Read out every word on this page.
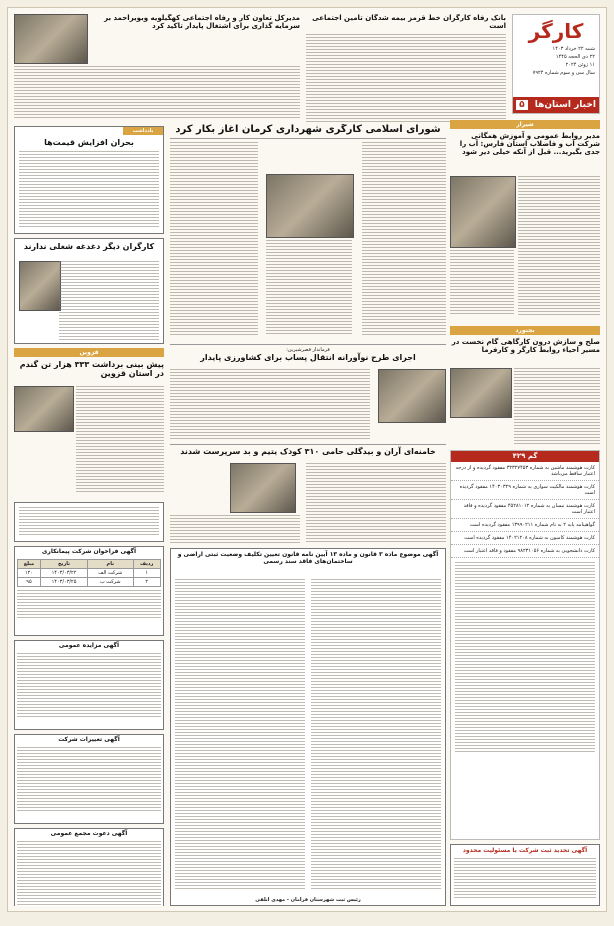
کارگر
شنبه ۲۲ خرداد ۱۴۰۳
۲۲ ذی الحجه ۱۴۴۵
۱۱ ژوئن ۲۰۲۴
سال سی و سوم شماره ۷۹۲۴
اخبار استان‌ها ۵
بانک رفاه کارگران خط قرمز بیمه شدگان تامین اجتماعی است
مدیرکل تعاون کار و رفاه اجتماعی کهگیلویه وبویراحمد بر سرمایه گذاری برای اشتغال پایدار تاکید کرد
شیراز
مدیر روابط عمومی و آموزش همگانی شرکت آب و فاضلاب استان فارس: آب را جدی بگیرید... قبل از آنکه خیلی دیر شود
بجنورد
صلح و سازش درون کارگاهی گام نخست در مسیر احیاء روابط کارگر و کارفرما
شورای اسلامی کارگری شهرداری کرمان آغاز بکار کرد
یادداشت
بحران افزایش قیمت‌ها
کارگران دیگر دغدغه شغلی ندارند
قزوین
پیش بینی برداشت ۳۳۳ هزار تن گندم در استان قزوین
فرماندار قصرشیرین:
اجرای طرح نوآورانه انتقال پساب برای کشاورزی پایدار
خامنه‌ای آران و بیدگلی حامی ۳۱۰ کودک یتیم و بد سرپرست شدند	گم ۴۲۹
کارت هوشمند ماشین به شماره ۳۲۳۲۷۴۵۳ مفقود گردیده و از درجه اعتبار ساقط می‌باشد
کارت هوشمند مالکیت سواری به شماره ۱۴۰۳۰۳۲۹ مفقود گردیده است
کارت هوشمند نیسان به شماره ۴۵۲۸۱۰۱۲ مفقود گردیده و فاقد اعتبار است
گواهینامه پایه ۲ به نام شماره ۱۳۹۹۰۲۱۱ مفقود گردیده است
کارت هوشمند کامیون به شماره ۱۴۰۲۱۲۰۸ مفقود گردیده است
کارت دانشجویی به شماره ۹۸۲۳۱۰۵۶ مفقود و فاقد اعتبار است
آگهی تجدید ثبت شرکت با مسئولیت محدود
آگهی موضوع ماده ۳ قانون و ماده ۱۳ آیین نامه قانون تعیین تکلیف وضعیت ثبتی اراضی و ساختمان‌های فاقد سند رسمی
رئیس ثبت شهرستان قرامان - مهدی انلفی
آگهی فراخوان شرکت پیمانکاری
ردیف	نام	تاریخ	مبلغ
۱	شرکت الف	۱۴۰۳/۰۳/۲۲	۱۲۰
۲	شرکت ب	۱۴۰۳/۰۳/۲۵	۹۵
آگهی مزایده عمومی
آگهی تغییرات شرکت
آگهی دعوت مجمع عمومی
